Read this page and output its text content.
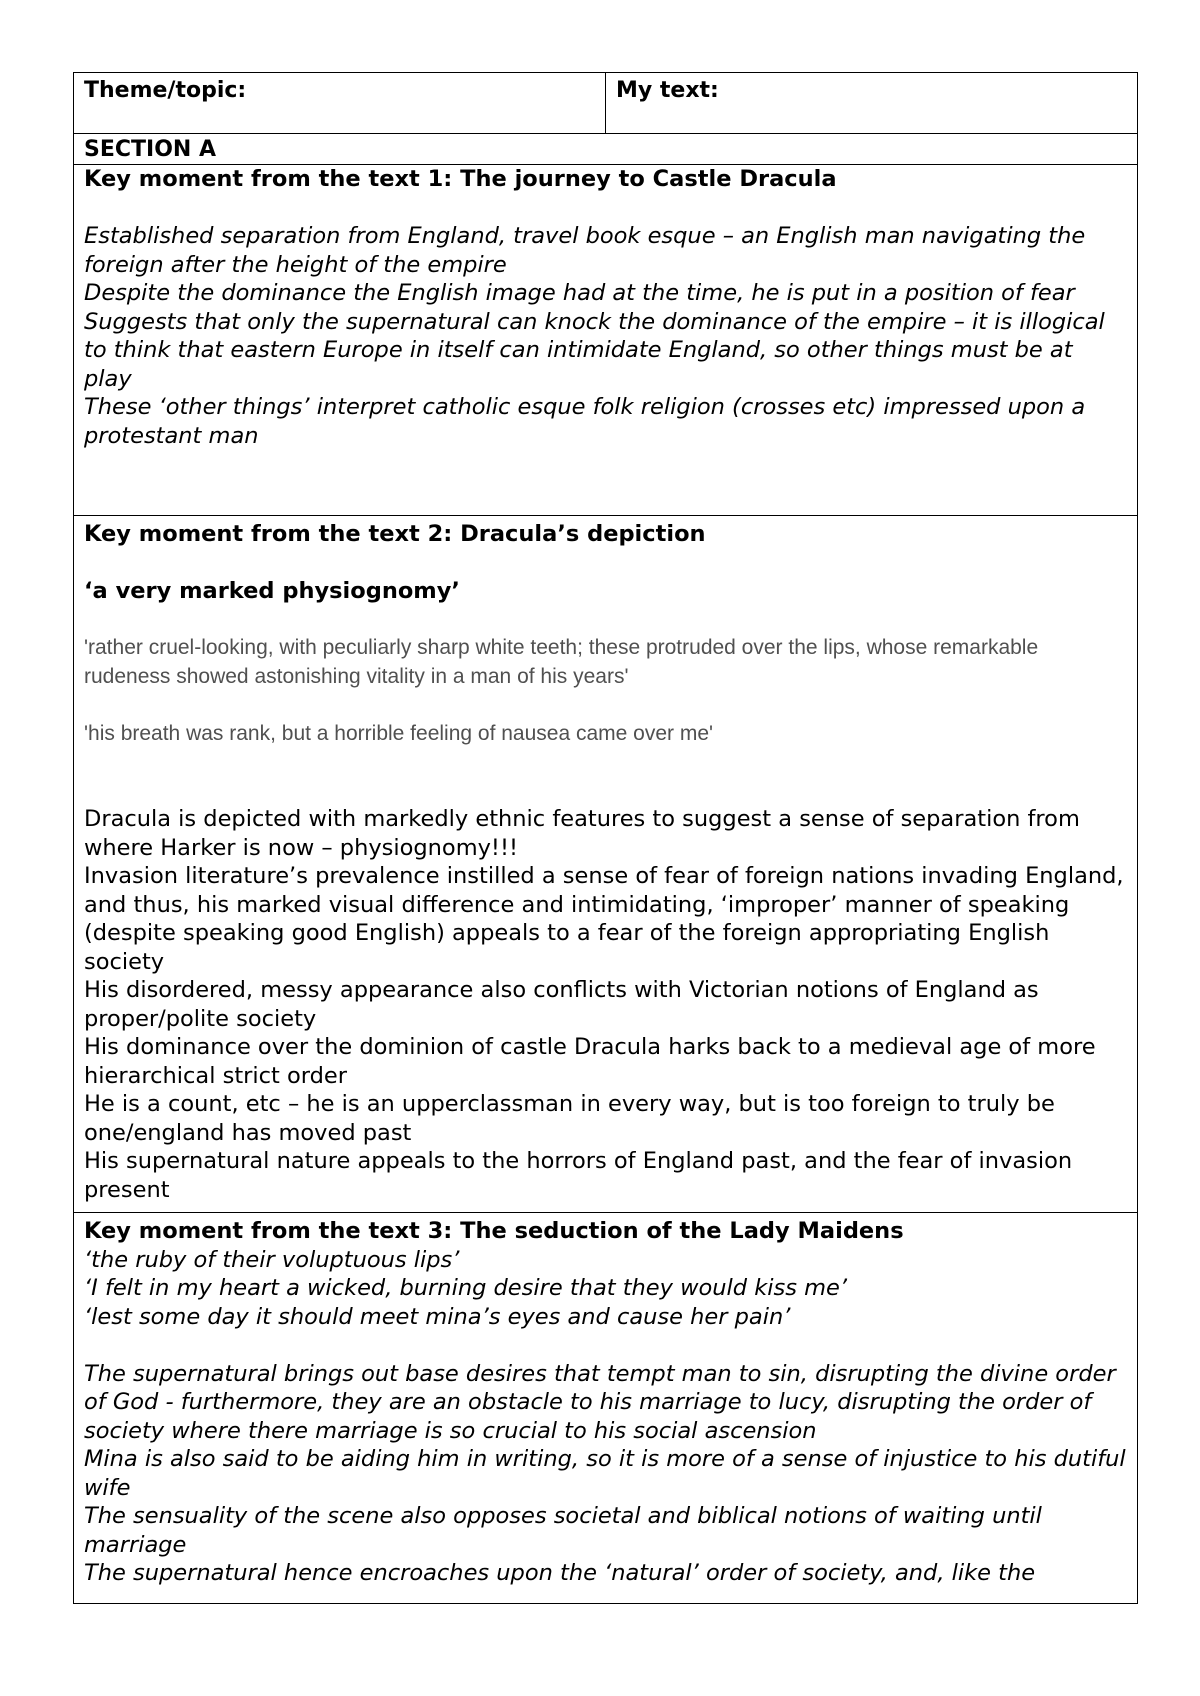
Theme/topic:	My text:

SECTION A

Key moment from the text 1: The journey to Castle Dracula
Established separation from England, travel book esque – an English man navigating the foreign after the height of the empire
Despite the dominance the English image had at the time, he is put in a position of fear
Suggests that only the supernatural can knock the dominance of the empire – it is illogical to think that eastern Europe in itself can intimidate England, so other things must be at play
These ‘other things’ interpret catholic esque folk religion (crosses etc) impressed upon a protestant man

Key moment from the text 2: Dracula’s depiction
‘a very marked physiognomy’
'rather cruel-looking, with peculiarly sharp white teeth; these protruded over the lips, whose remarkable rudeness showed astonishing vitality in a man of his years'
'his breath was rank, but a horrible feeling of nausea came over me'
Dracula is depicted with markedly ethnic features to suggest a sense of separation from where Harker is now – physiognomy!!!
Invasion literature’s prevalence instilled a sense of fear of foreign nations invading England, and thus, his marked visual difference and intimidating, ‘improper’ manner of speaking (despite speaking good English) appeals to a fear of the foreign appropriating English society
His disordered, messy appearance also conflicts with Victorian notions of England as proper/polite society
His dominance over the dominion of castle Dracula harks back to a medieval age of more hierarchical strict order
He is a count, etc – he is an upperclassman in every way, but is too foreign to truly be one/england has moved past
His supernatural nature appeals to the horrors of England past, and the fear of invasion present

Key moment from the text 3: The seduction of the Lady Maidens
‘the ruby of their voluptuous lips’
‘I felt in my heart a wicked, burning desire that they would kiss me’
‘lest some day it should meet mina’s eyes and cause her pain’
The supernatural brings out base desires that tempt man to sin, disrupting the divine order of God - furthermore, they are an obstacle to his marriage to lucy, disrupting the order of society where there marriage is so crucial to his social ascension
Mina is also said to be aiding him in writing, so it is more of a sense of injustice to his dutiful wife
The sensuality of the scene also opposes societal and biblical notions of waiting until marriage
The supernatural hence encroaches upon the ‘natural’ order of society, and, like the
